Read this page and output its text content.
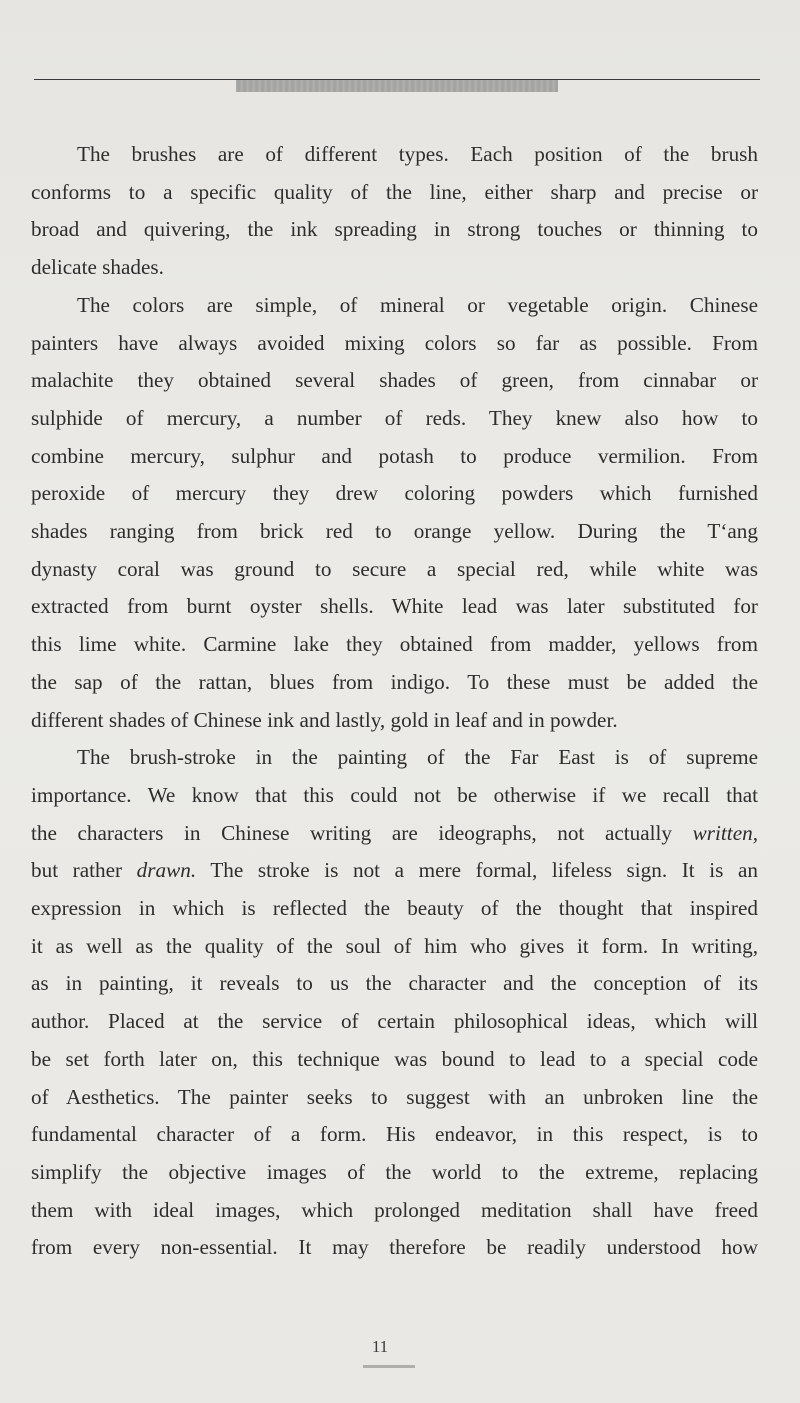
The brushes are of different types. Each position of the brush
conforms to a specific quality of the line, either sharp and precise or
broad and quivering, the ink spreading in strong touches or thinning to
delicate shades.
The colors are simple, of mineral or vegetable origin. Chinese
painters have always avoided mixing colors so far as possible. From
malachite they obtained several shades of green, from cinnabar or
sulphide of mercury, a number of reds. They knew also how to
combine mercury, sulphur and potash to produce vermilion. From
peroxide of mercury they drew coloring powders which furnished
shades ranging from brick red to orange yellow. During the T‘ang
dynasty coral was ground to secure a special red, while white was
extracted from burnt oyster shells. White lead was later substituted for
this lime white. Carmine lake they obtained from madder, yellows from
the sap of the rattan, blues from indigo. To these must be added the
different shades of Chinese ink and lastly, gold in leaf and in powder.
The brush-stroke in the painting of the Far East is of supreme
importance. We know that this could not be otherwise if we recall that
the characters in Chinese writing are ideographs, not actually written,
but rather drawn. The stroke is not a mere formal, lifeless sign. It is an
expression in which is reflected the beauty of the thought that inspired
it as well as the quality of the soul of him who gives it form. In writing,
as in painting, it reveals to us the character and the conception of its
author. Placed at the service of certain philosophical ideas, which will
be set forth later on, this technique was bound to lead to a special code
of Aesthetics. The painter seeks to suggest with an unbroken line the
fundamental character of a form. His endeavor, in this respect, is to
simplify the objective images of the world to the extreme, replacing
them with ideal images, which prolonged meditation shall have freed
from every non-essential. It may therefore be readily understood how
11
